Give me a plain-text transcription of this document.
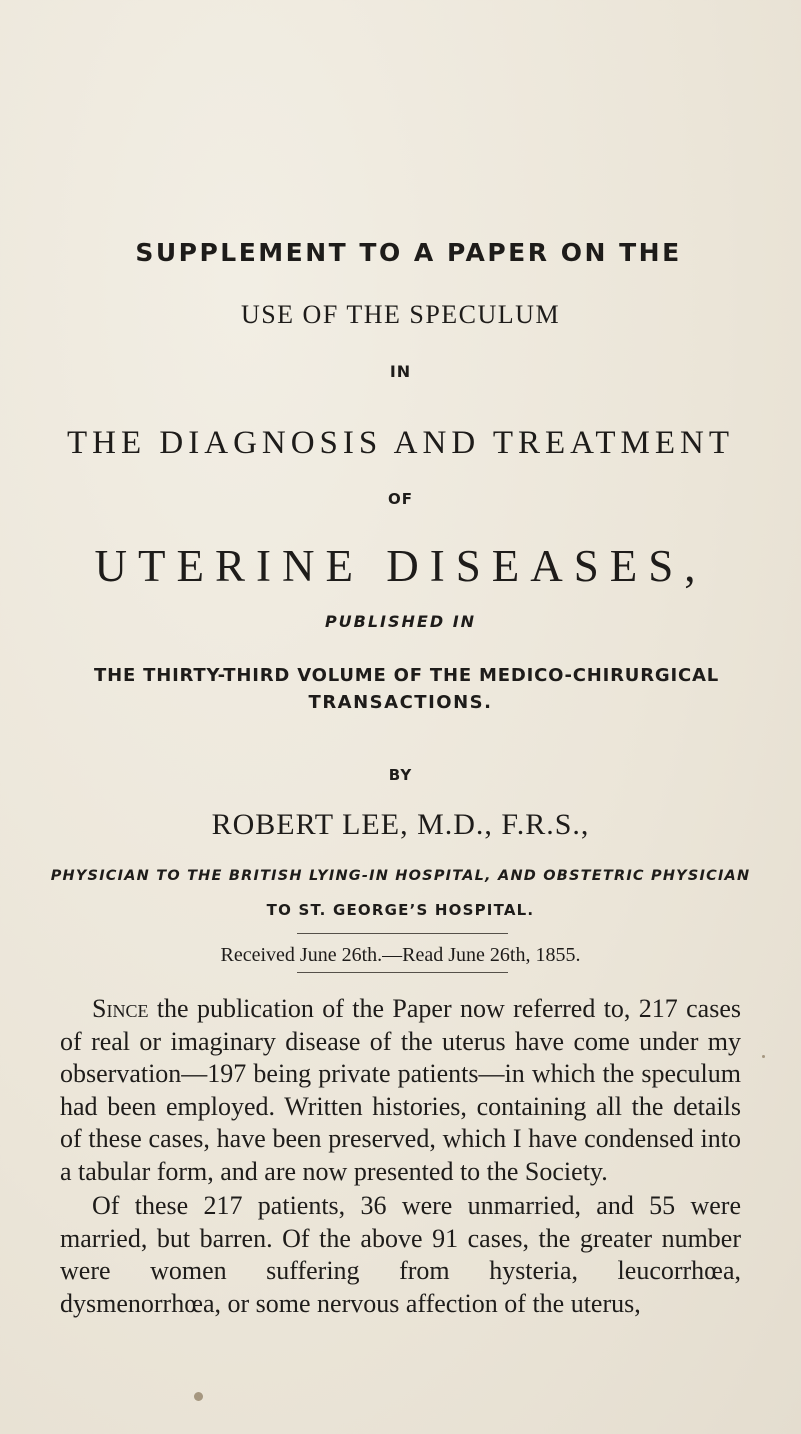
SUPPLEMENT TO A PAPER ON THE
USE OF THE SPECULUM
IN
THE DIAGNOSIS AND TREATMENT
OF
UTERINE DISEASES,
PUBLISHED IN
THE THIRTY-THIRD VOLUME OF THE MEDICO-CHIRURGICAL
TRANSACTIONS.
BY
ROBERT LEE, M.D., F.R.S.,
PHYSICIAN TO THE BRITISH LYING-IN HOSPITAL, AND OBSTETRIC PHYSICIAN
TO ST. GEORGE’S HOSPITAL.
Received June 26th.—Read June 26th, 1855.

Since the publication of the Paper now referred to, 217 cases of real or imaginary disease of the uterus have come under my observation—197 being private patients—in which the speculum had been employed. Written histories, containing all the details of these cases, have been preserved, which I have condensed into a tabular form, and are now presented to the Society.

Of these 217 patients, 36 were unmarried, and 55 were married, but barren. Of the above 91 cases, the greater number were women suffering from hysteria, leucorrhœa, dysmenorrhœa, or some nervous affection of the uterus,
